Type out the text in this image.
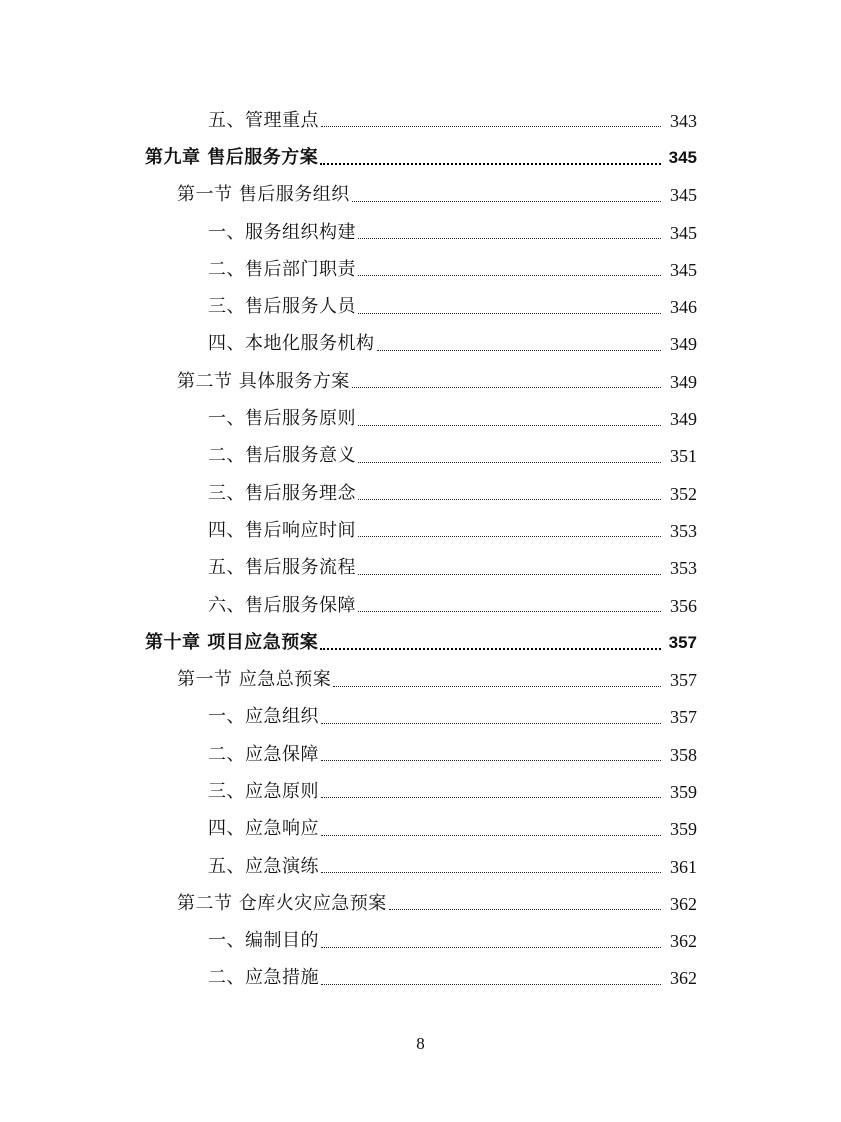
五、管理重点	343
第九章 售后服务方案	345
第一节 售后服务组织	345
一、服务组织构建	345
二、售后部门职责	345
三、售后服务人员	346
四、本地化服务机构	349
第二节 具体服务方案	349
一、售后服务原则	349
二、售后服务意义	351
三、售后服务理念	352
四、售后响应时间	353
五、售后服务流程	353
六、售后服务保障	356
第十章 项目应急预案	357
第一节 应急总预案	357
一、应急组织	357
二、应急保障	358
三、应急原则	359
四、应急响应	359
五、应急演练	361
第二节 仓库火灾应急预案	362
一、编制目的	362
二、应急措施	362
8
